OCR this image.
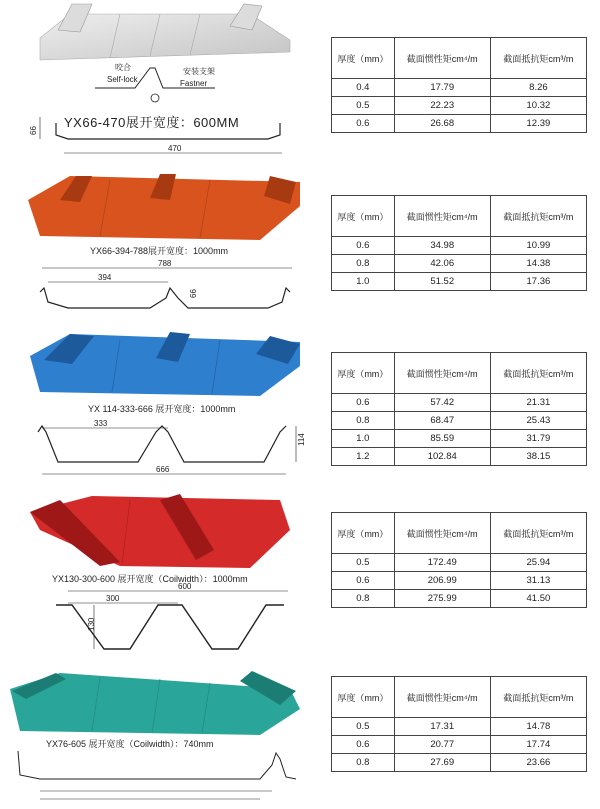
咬合
Self-lock
安装支架
Fastner
YX66-470展开宽度：600MM
66
470
厚度（mm）	截面惯性矩cm⁴/m	截面抵抗矩cm³/m
0.4	17.79	8.26
0.5	22.23	10.32
0.6	26.68	12.39
YX66-394-788展开宽度：1000mm
788
394
66
厚度（mm）	截面惯性矩cm⁴/m	截面抵抗矩cm³/m
0.6	34.98	10.99
0.8	42.06	14.38
1.0	51.52	17.36
YX 114-333-666 展开宽度：1000mm
333
114
666
厚度（mm）	截面惯性矩cm⁴/m	截面抵抗矩cm³/m
0.6	57.42	21.31
0.8	68.47	25.43
1.0	85.59	31.79
1.2	102.84	38.15
YX130-300-600 展开宽度（Coilwidth）：1000mm
600
300
130
厚度（mm）	截面惯性矩cm⁴/m	截面抵抗矩cm³/m
0.5	172.49	25.94
0.6	206.99	31.13
0.8	275.99	41.50
YX76-605 展开宽度（Coilwidth）：740mm
厚度（mm）	截面惯性矩cm⁴/m	截面抵抗矩cm³/m
0.5	17.31	14.78
0.6	20.77	17.74
0.8	27.69	23.66
